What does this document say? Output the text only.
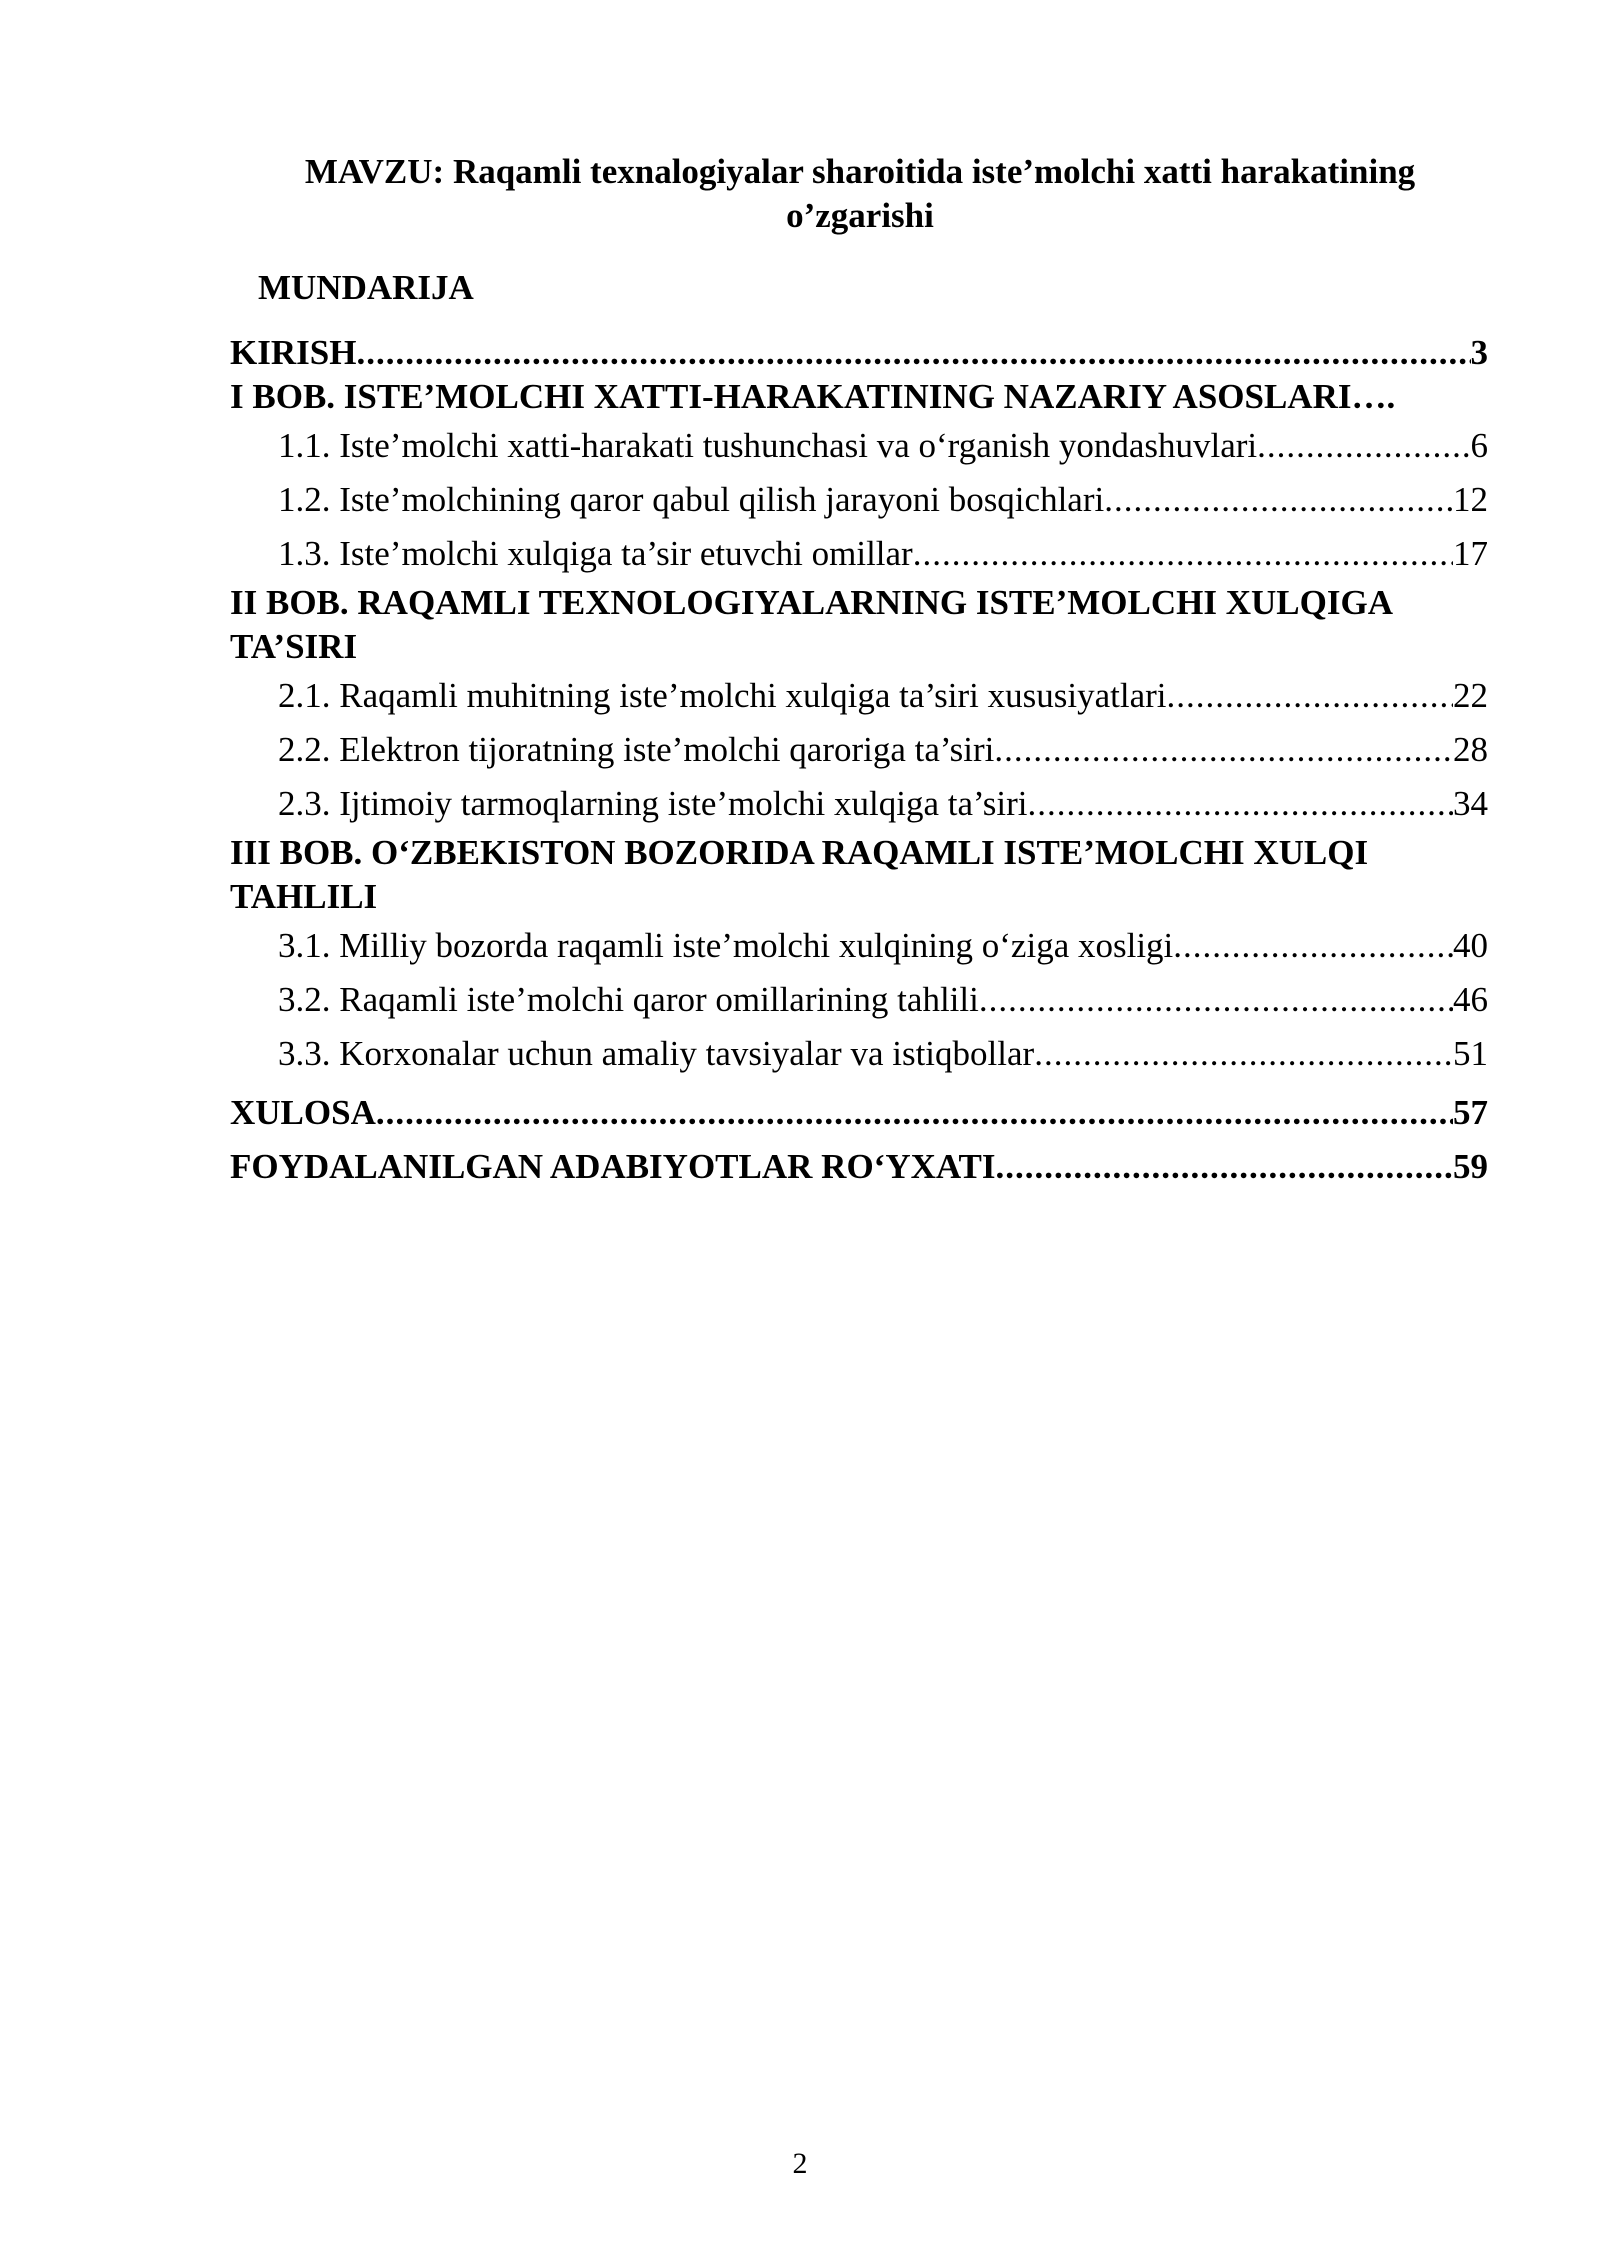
MAVZU: Raqamli texnalogiyalar sharoitida iste’molchi xatti harakatining o’zgarishi
MUNDARIJA
KIRISH .....	3
I BOB. ISTE’MOLCHI XATTI-HARAKATINING NAZARIY ASOSLARI….
1.1. Iste’molchi xatti-harakati tushunchasi va o‘rganish yondashuvlari .....	6
1.2. Iste’molchining qaror qabul qilish jarayoni bosqichlari .....	12
1.3. Iste’molchi xulqiga ta’sir etuvchi omillar .....	17
II BOB. RAQAMLI TEXNOLOGIYALARNING ISTE’MOLCHI XULQIGA TA’SIRI
2.1. Raqamli muhitning iste’molchi xulqiga ta’siri xususiyatlari .....	22
2.2. Elektron tijoratning iste’molchi qaroriga ta’siri .....	28
2.3. Ijtimoiy tarmoqlarning iste’molchi xulqiga ta’siri .....	34
III BOB. O‘ZBEKISTON BOZORIDA RAQAMLI ISTE’MOLCHI XULQI TAHLILI
3.1. Milliy bozorda raqamli iste’molchi xulqining o‘ziga xosligi .....	40
3.2. Raqamli iste’molchi qaror omillarining tahlili .....	46
3.3. Korxonalar uchun amaliy tavsiyalar va istiqbollar .....	51
XULOSA .....	57
FOYDALANILGAN ADABIYOTLAR RO‘YXATI .....	59
2
